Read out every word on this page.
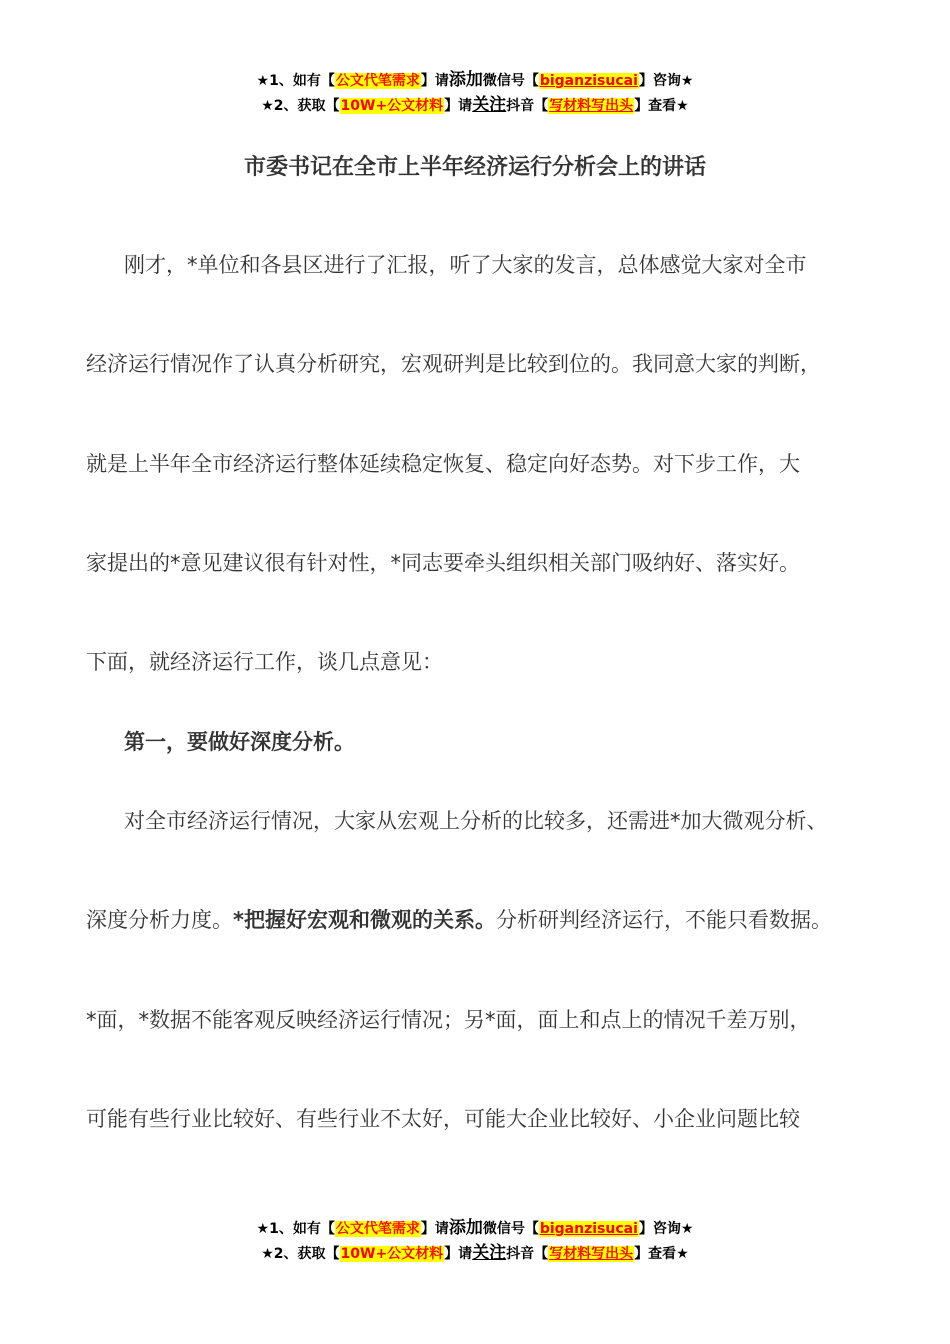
★1、如有【公文代笔需求】请添加微信号【biganzisucai】咨询★
★2、获取【10W+公文材料】请关注抖音【写材料写出头】查看★
市委书记在全市上半年经济运行分析会上的讲话
刚才，*单位和各县区进行了汇报，听了大家的发言，总体感觉大家对全市
经济运行情况作了认真分析研究，宏观研判是比较到位的。我同意大家的判断，
就是上半年全市经济运行整体延续稳定恢复、稳定向好态势。对下步工作，大
家提出的*意见建议很有针对性，*同志要牵头组织相关部门吸纳好、落实好。
下面，就经济运行工作，谈几点意见：
第一，要做好深度分析。
对全市经济运行情况，大家从宏观上分析的比较多，还需进*加大微观分析、
深度分析力度。*把握好宏观和微观的关系。分析研判经济运行，不能只看数据。
*面，*数据不能客观反映经济运行情况；另*面，面上和点上的情况千差万别，
可能有些行业比较好、有些行业不太好，可能大企业比较好、小企业问题比较
★1、如有【公文代笔需求】请添加微信号【biganzisucai】咨询★
★2、获取【10W+公文材料】请关注抖音【写材料写出头】查看★
